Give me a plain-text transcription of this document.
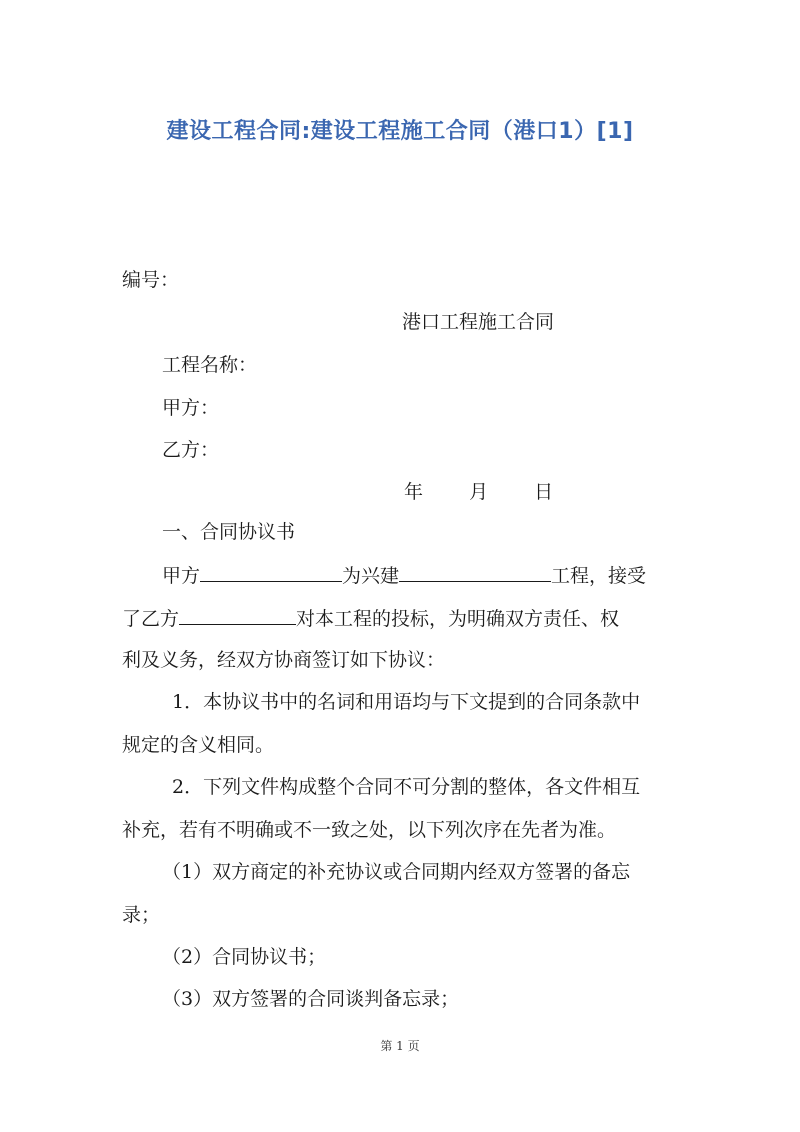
建设工程合同:建设工程施工合同（港口1）[1]

编号：

港口工程施工合同

工程名称：

甲方：

乙方：

年 月 日

一、合同协议书

甲方	为兴建	工程，接受
了乙方	对本工程的投标，为明确双方责任、权

利及义务，经双方协商签订如下协议：

1．本协议书中的名词和用语均与下文提到的合同条款中

规定的含义相同。

2．下列文件构成整个合同不可分割的整体，各文件相互

补充，若有不明确或不一致之处，以下列次序在先者为准。

（1）双方商定的补充协议或合同期内经双方签署的备忘

录；

（2）合同协议书；

（3）双方签署的合同谈判备忘录；

第 1 页
